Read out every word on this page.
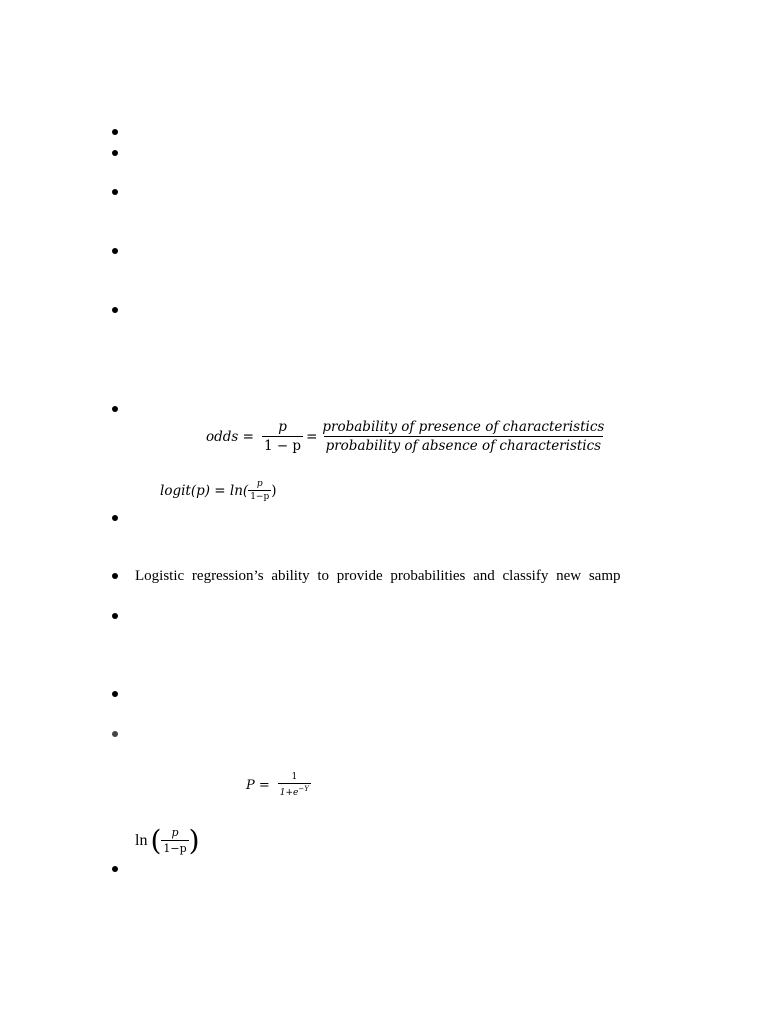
odds = $\frac{p}{1 - p} = \frac{\text{probability of presence of characteristics}}{\text{probability of absence of characteristics}}$
logit(p) = $\ln( \frac{p}{1-p}$ )
Logistic regression’s ability to provide probabilities and classify new samp
$P = \frac{1}{1+e^{-Y}}$
ln ( $\frac{p}{1-p}$ )
